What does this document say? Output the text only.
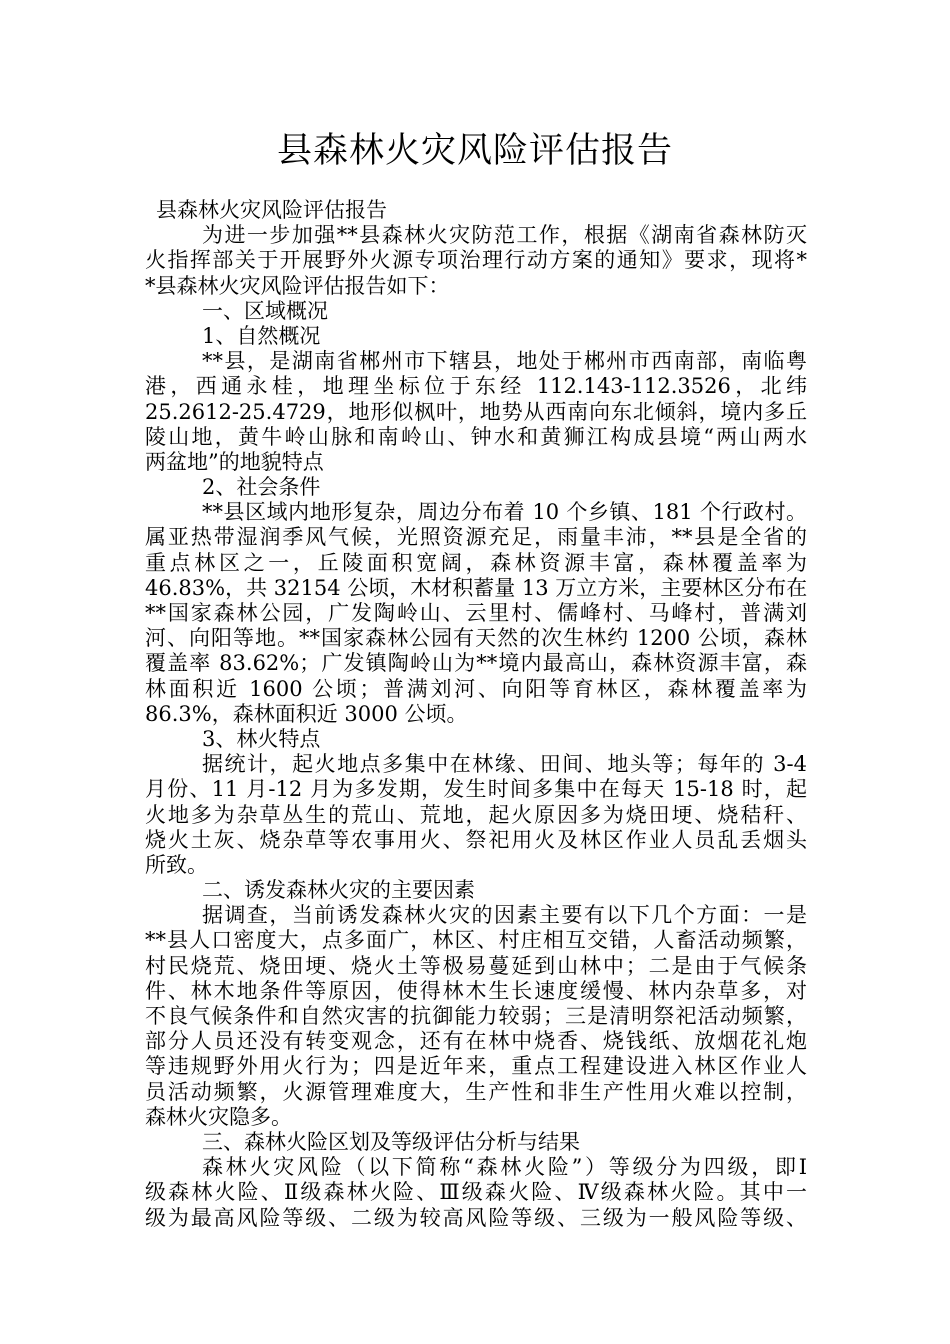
县森林火灾风险评估报告
县森林火灾风险评估报告
为进一步加强**县森林火灾防范工作，根据《湖南省森林防灭
火指挥部关于开展野外火源专项治理行动方案的通知》要求，现将*
*县森林火灾风险评估报告如下：
一、区域概况
1、自然概况
**县，是湖南省郴州市下辖县，地处于郴州市西南部，南临粤
港，西通永桂，地理坐标位于东经 112.143-112.3526，北纬
25.2612-25.4729，地形似枫叶，地势从西南向东北倾斜，境内多丘
陵山地，黄牛岭山脉和南岭山、钟水和黄狮江构成县境“两山两水
两盆地”的地貌特点
2、社会条件
**县区域内地形复杂，周边分布着 10 个乡镇、181 个行政村。
属亚热带湿润季风气候，光照资源充足，雨量丰沛，**县是全省的
重点林区之一，丘陵面积宽阔，森林资源丰富，森林覆盖率为
46.83%，共 32154 公顷，木材积蓄量 13 万立方米，主要林区分布在
**国家森林公园，广发陶岭山、云里村、儒峰村、马峰村，普满刘
河、向阳等地。**国家森林公园有天然的次生林约 1200 公顷，森林
覆盖率 83.62%；广发镇陶岭山为**境内最高山，森林资源丰富，森
林面积近 1600 公顷；普满刘河、向阳等育林区，森林覆盖率为
86.3%，森林面积近 3000 公顷。
3、林火特点
据统计，起火地点多集中在林缘、田间、地头等；每年的 3-4
月份、11 月-12 月为多发期，发生时间多集中在每天 15-18 时，起
火地多为杂草丛生的荒山、荒地，起火原因多为烧田埂、烧秸秆、
烧火土灰、烧杂草等农事用火、祭祀用火及林区作业人员乱丢烟头
所致。
二、诱发森林火灾的主要因素
据调查，当前诱发森林火灾的因素主要有以下几个方面：一是
**县人口密度大，点多面广，林区、村庄相互交错，人畜活动频繁，
村民烧荒、烧田埂、烧火土等极易蔓延到山林中；二是由于气候条
件、林木地条件等原因，使得林木生长速度缓慢、林内杂草多，对
不良气候条件和自然灾害的抗御能力较弱；三是清明祭祀活动频繁，
部分人员还没有转变观念，还有在林中烧香、烧钱纸、放烟花礼炮
等违规野外用火行为；四是近年来，重点工程建设进入林区作业人
员活动频繁，火源管理难度大，生产性和非生产性用火难以控制，
森林火灾隐多。
三、森林火险区划及等级评估分析与结果
森林火灾风险（以下简称“森林火险”）等级分为四级，即Ⅰ
级森林火险、Ⅱ级森林火险、Ⅲ级森火险、Ⅳ级森林火险。其中一
级为最高风险等级、二级为较高风险等级、三级为一般风险等级、
